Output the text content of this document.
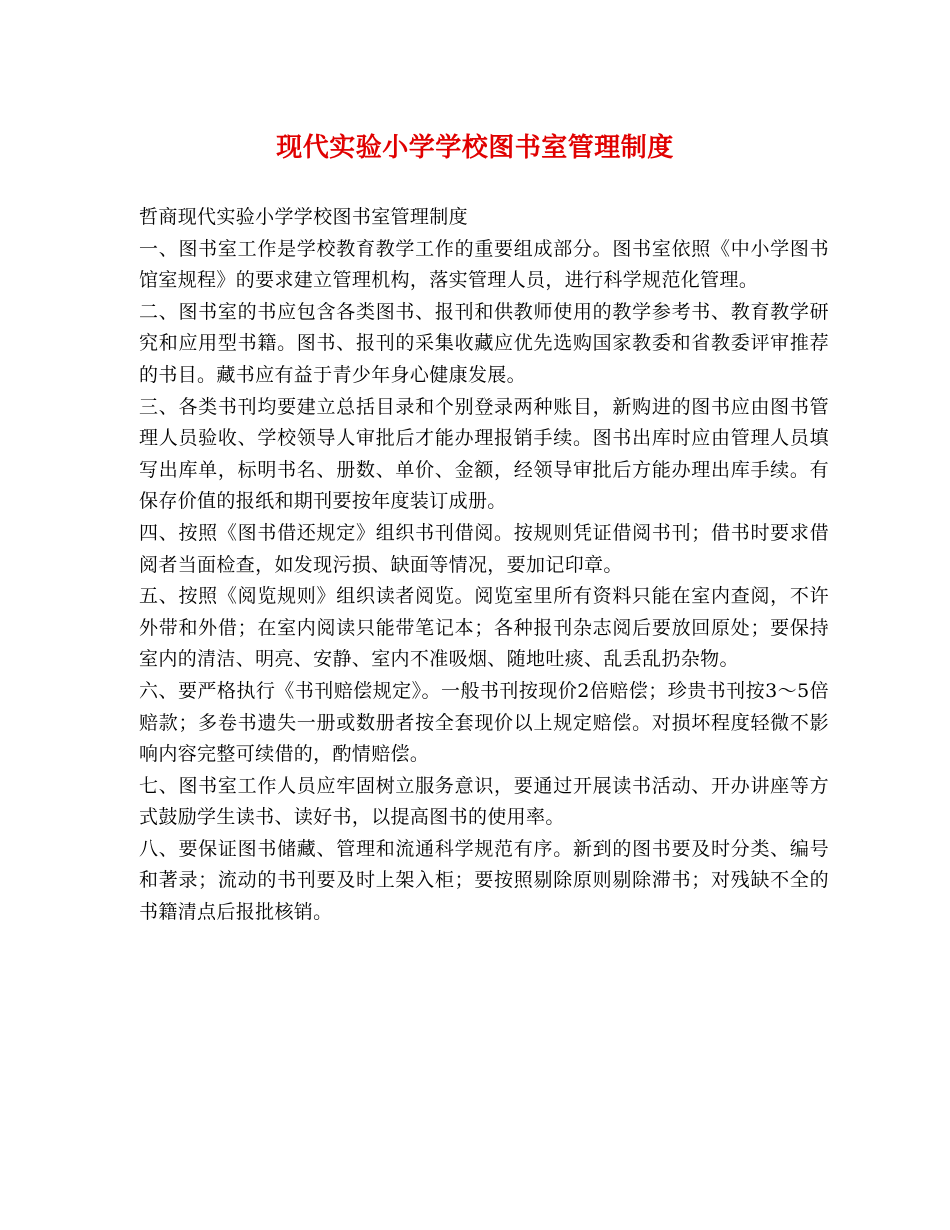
现代实验小学学校图书室管理制度

哲商现代实验小学学校图书室管理制度

一、图书室工作是学校教育教学工作的重要组成部分。图书室依照《中小学图书馆室规程》的要求建立管理机构，落实管理人员，进行科学规范化管理。

二、图书室的书应包含各类图书、报刊和供教师使用的教学参考书、教育教学研究和应用型书籍。图书、报刊的采集收藏应优先选购国家教委和省教委评审推荐的书目。藏书应有益于青少年身心健康发展。

三、各类书刊均要建立总括目录和个别登录两种账目，新购进的图书应由图书管理人员验收、学校领导人审批后才能办理报销手续。图书出库时应由管理人员填写出库单，标明书名、册数、单价、金额，经领导审批后方能办理出库手续。有保存价值的报纸和期刊要按年度装订成册。

四、按照《图书借还规定》组织书刊借阅。按规则凭证借阅书刊；借书时要求借阅者当面检查，如发现污损、缺面等情况，要加记印章。

五、按照《阅览规则》组织读者阅览。阅览室里所有资料只能在室内查阅，不许外带和外借；在室内阅读只能带笔记本；各种报刊杂志阅后要放回原处；要保持室内的清洁、明亮、安静、室内不准吸烟、随地吐痰、乱丢乱扔杂物。

六、要严格执行《书刊赔偿规定》。一般书刊按现价2倍赔偿；珍贵书刊按3～5倍赔款；多卷书遗失一册或数册者按全套现价以上规定赔偿。对损坏程度轻微不影响内容完整可续借的，酌情赔偿。

七、图书室工作人员应牢固树立服务意识，要通过开展读书活动、开办讲座等方式鼓励学生读书、读好书，以提高图书的使用率。

八、要保证图书储藏、管理和流通科学规范有序。新到的图书要及时分类、编号和著录；流动的书刊要及时上架入柜；要按照剔除原则剔除滞书；对残缺不全的书籍清点后报批核销。
